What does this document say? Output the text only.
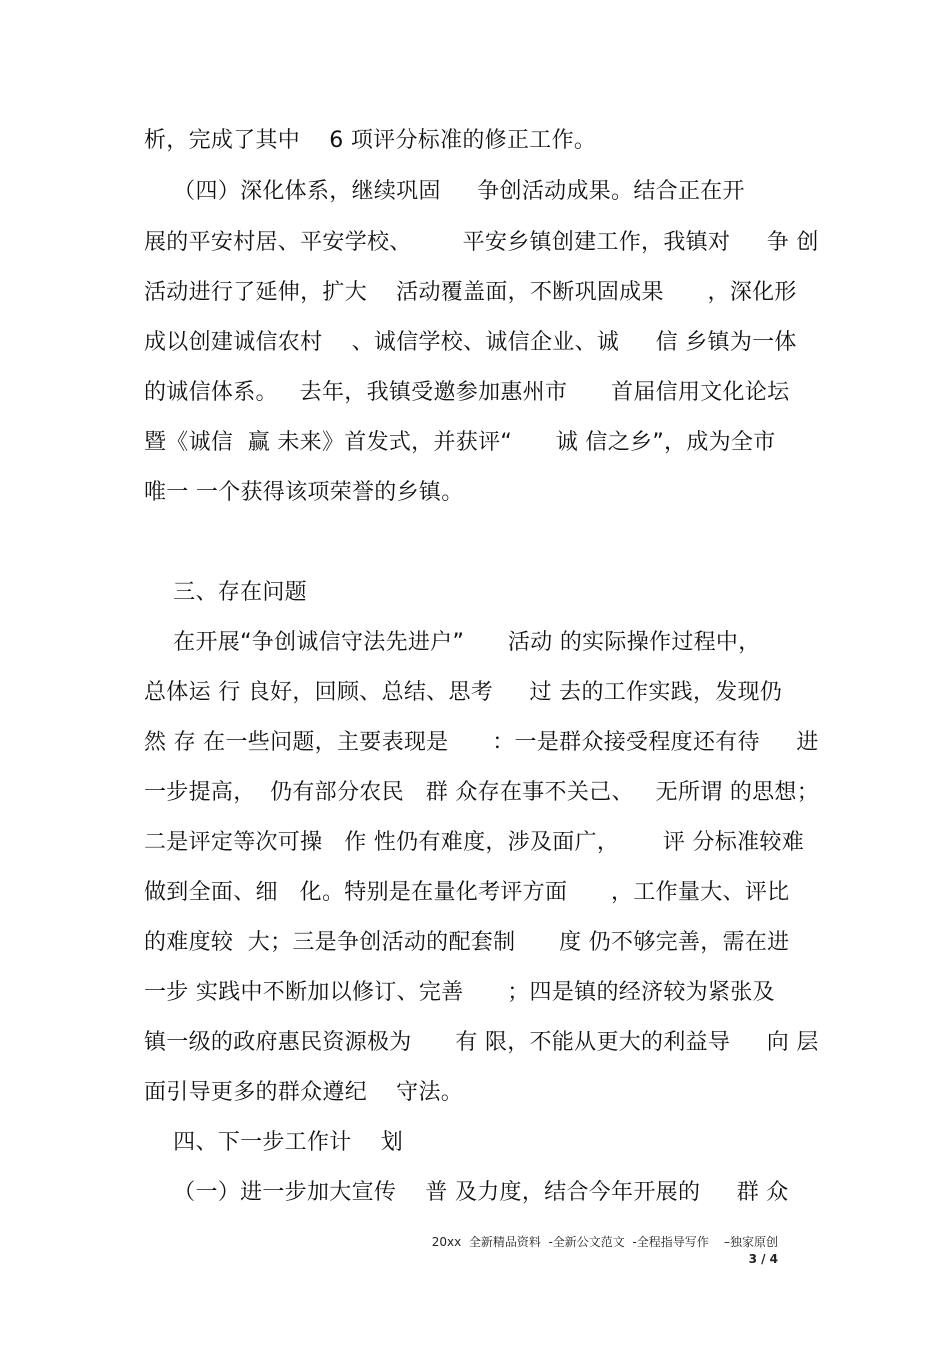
析，完成了其中    6 项评分标准的修正工作。
（四）深化体系，继续巩固     争创活动成果。结合正在开
展的平安村居、平安学校、       平安乡镇创建工作，我镇对     争 创
活动进行了延伸，扩大    活动覆盖面，不断巩固成果      ，深化形
成以创建诚信农村    、诚信学校、诚信企业、诚     信 乡镇为一体
的诚信体系。   去年，我镇受邀参加惠州市      首届信用文化论坛
暨《诚信  赢 未来》首发式，并获评“      诚 信之乡”，成为全市
唯一 一个获得该项荣誉的乡镇。
三、存在问题
在开展“争创诚信守法先进户”      活动 的实际操作过程中，
总体运 行 良好，回顾、总结、思考     过 去的工作实践，发现仍
然 存 在一些问题，主要表现是      ：一是群众接受程度还有待     进
一步提高，  仍有部分农民   群 众存在事不关己、   无所谓 的思想；
二是评定等次可操   作 性仍有难度，涉及面广，      评 分标准较难
做到全面、细   化。特别是在量化考评方面      ，工作量大、评比
的难度较  大；三是争创活动的配套制      度 仍不够完善，需在进
一步 实践中不断加以修订、完善      ；四是镇的经济较为紧张及
镇一级的政府惠民资源极为      有 限，不能从更大的利益导     向 层
面引导更多的群众遵纪    守法。
四、下一步工作计    划
（一）进一步加大宣传    普 及力度，结合今年开展的     群 众
20xx  全新精品资料  -全新公文范文  -全程指导写作    –独家原创
3 / 4
